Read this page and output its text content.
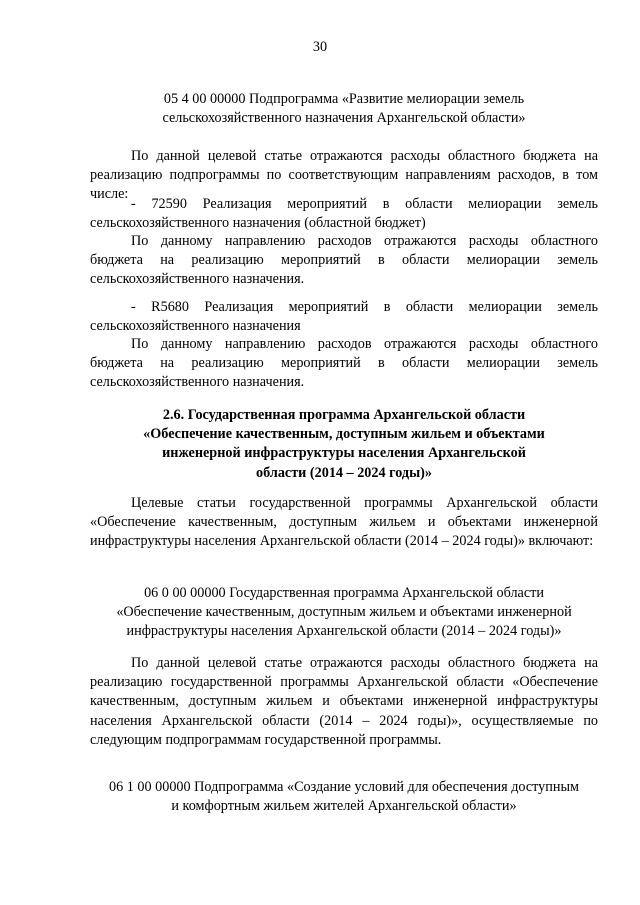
30

05 4 00 00000 Подпрограмма «Развитие мелиорации земель

сельскохозяйственного назначения Архангельской области»

По данной целевой статье отражаются расходы областного бюджета на реализацию подпрограммы по соответствующим направлениям расходов, в том числе:

- 72590 Реализация мероприятий в области мелиорации земель сельскохозяйственного назначения (областной бюджет)

По данному направлению расходов отражаются расходы областного бюджета на реализацию мероприятий в области мелиорации земель сельскохозяйственного назначения.

- R5680 Реализация мероприятий в области мелиорации земель сельскохозяйственного назначения

По данному направлению расходов отражаются расходы областного бюджета на реализацию мероприятий в области мелиорации земель сельскохозяйственного назначения.

2.6. Государственная программа Архангельской области

«Обеспечение качественным, доступным жильем и объектами

инженерной инфраструктуры населения Архангельской

области (2014 – 2024 годы)»

Целевые статьи государственной программы Архангельской области «Обеспечение качественным, доступным жильем и объектами инженерной инфраструктуры населения Архангельской области (2014 – 2024 годы)» включают:

06 0 00 00000 Государственная программа Архангельской области

«Обеспечение качественным, доступным жильем и объектами инженерной

инфраструктуры населения Архангельской области (2014 – 2024 годы)»

По данной целевой статье отражаются расходы областного бюджета на реализацию государственной программы Архангельской области «Обеспечение качественным, доступным жильем и объектами инженерной инфраструктуры населения Архангельской области (2014 – 2024 годы)», осуществляемые по следующим подпрограммам государственной программы.

06 1 00 00000 Подпрограмма «Создание условий для обеспечения доступным

и комфортным жильем жителей Архангельской области»
